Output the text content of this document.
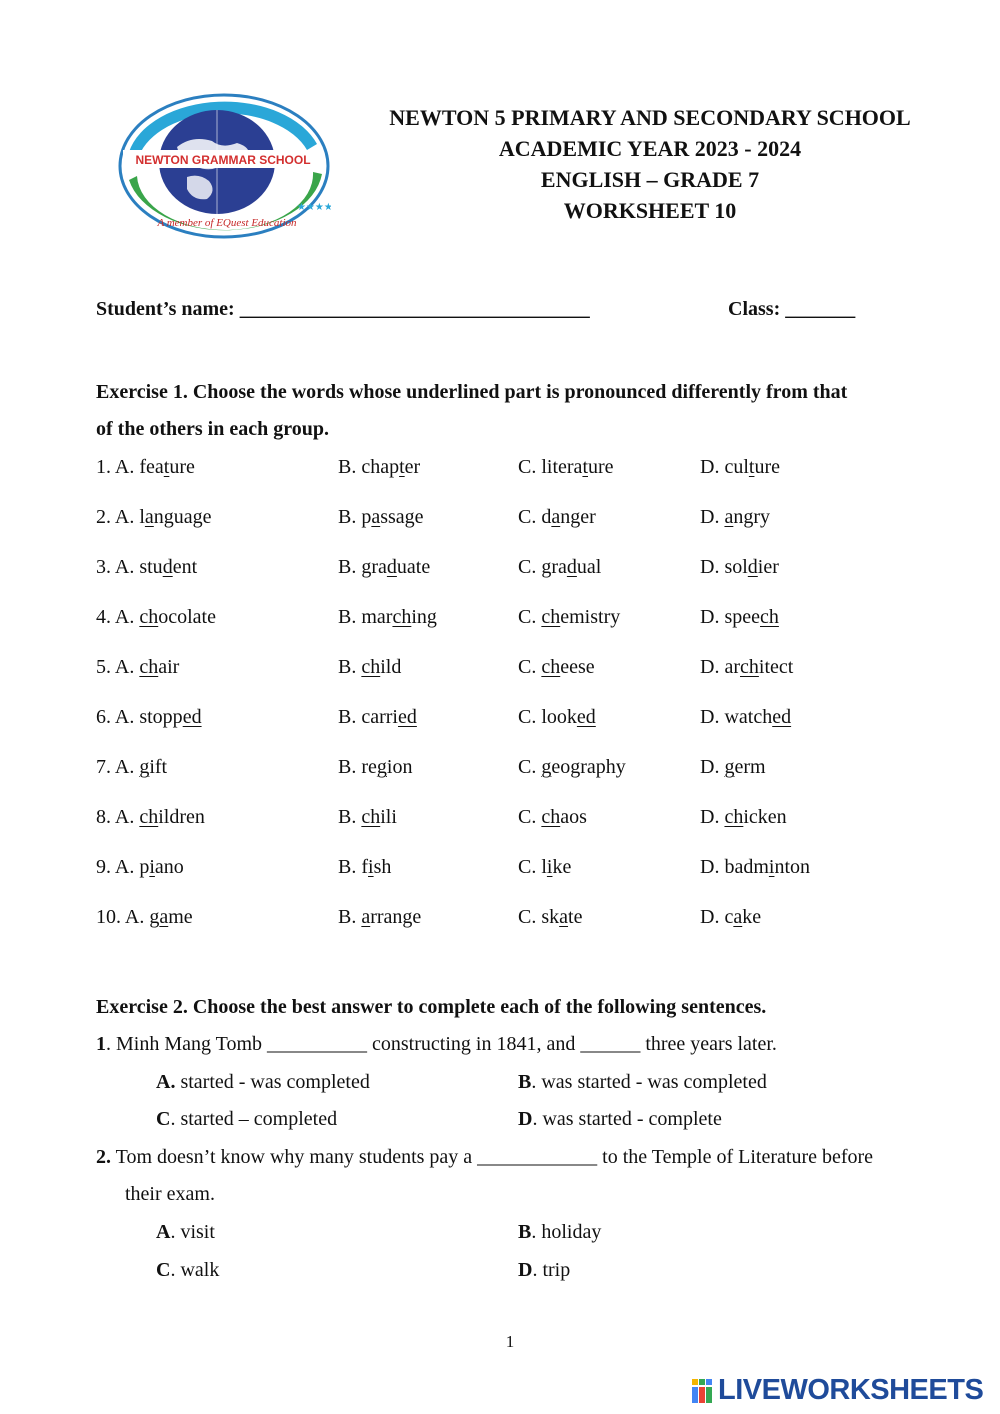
NEWTON GRAMMAR SCHOOL
A member of EQuest Education
★★★★
NEWTON 5 PRIMARY AND SECONDARY SCHOOL
ACADEMIC YEAR 2023 - 2024
ENGLISH – GRADE 7
WORKSHEET 10
Student’s name: ___________________________________	Class: _______
Exercise 1. Choose the words whose underlined part is pronounced differently from that
of the others in each group.
1. A. feature	B. chapter	C. literature	D. culture
2. A. language	B. passage	C. danger	D. angry
3. A. student	B. graduate	C. gradual	D. soldier
4. A. chocolate	B. marching	C. chemistry	D. speech
5. A. chair	B. child	C. cheese	D. architect
6. A. stopped	B. carried	C. looked	D. watched
7. A. gift	B. region	C. geography	D. germ
8. A. children	B. chili	C. chaos	D. chicken
9. A. piano	B. fish	C. like	D. badminton
10. A. game	B. arrange	C. skate	D. cake
Exercise 2. Choose the best answer to complete each of the following sentences.
1. Minh Mang Tomb __________ constructing in 1841, and ______ three years later.
A. started - was completed	B. was started - was completed
C. started – completed	D. was started - complete
2. Tom doesn’t know why many students pay a ____________ to the Temple of Literature before
their exam.
A. visit	B. holiday
C. walk	D. trip
1
LIVEWORKSHEETS
